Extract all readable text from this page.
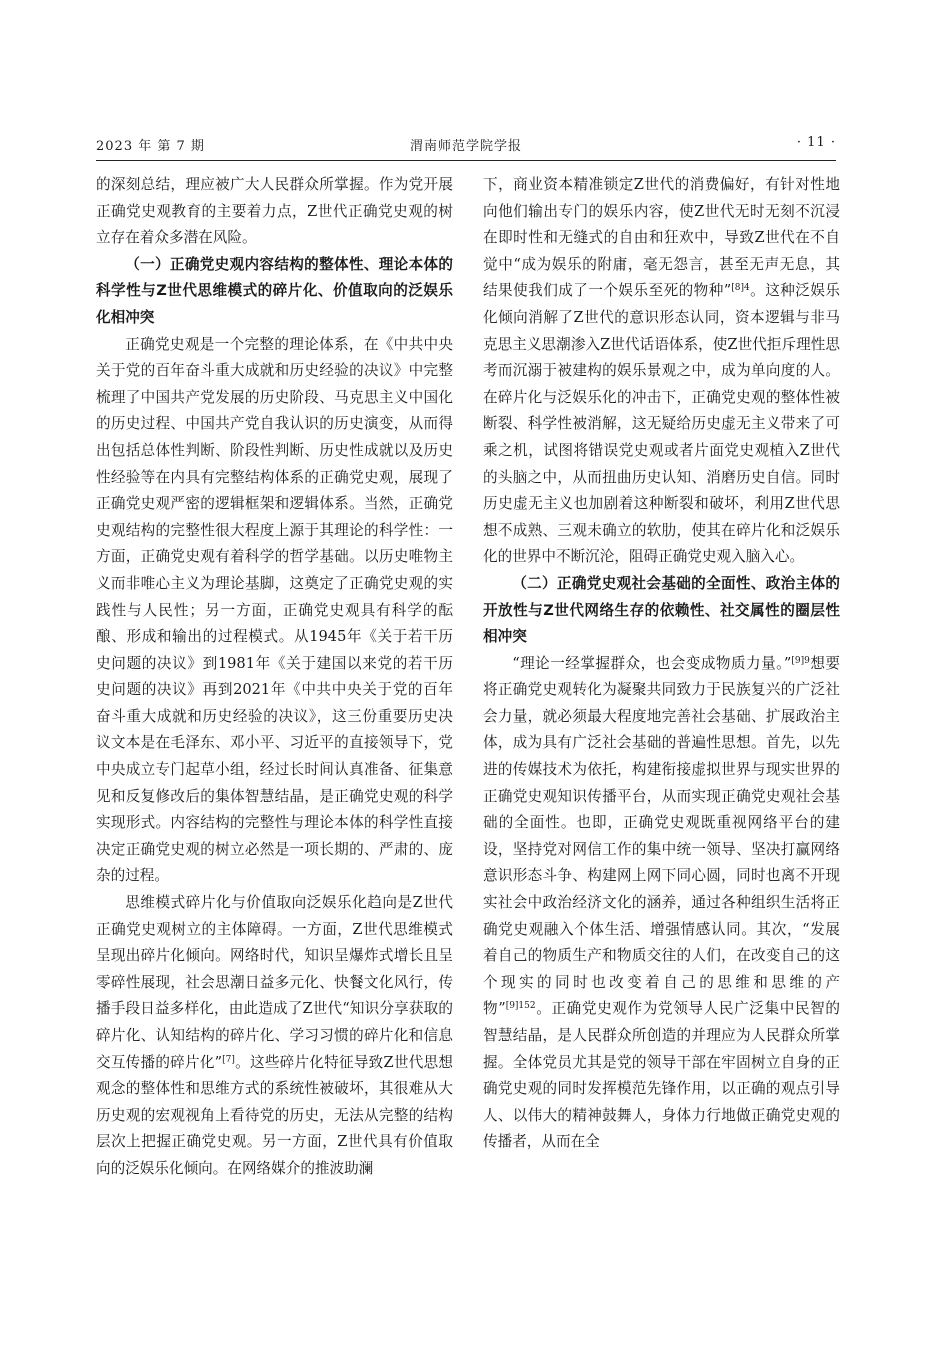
渭南师范学院学报
2023 年 第 7 期	· 11 ·

的深刻总结，理应被广大人民群众所掌握。作为党开展正确党史观教育的主要着力点，Z世代正确党史观的树立存在着众多潜在风险。

（一）正确党史观内容结构的整体性、理论本体的科学性与Z世代思维模式的碎片化、价值取向的泛娱乐化相冲突

正确党史观是一个完整的理论体系，在《中共中央关于党的百年奋斗重大成就和历史经验的决议》中完整梳理了中国共产党发展的历史阶段、马克思主义中国化的历史过程、中国共产党自我认识的历史演变，从而得出包括总体性判断、阶段性判断、历史性成就以及历史性经验等在内具有完整结构体系的正确党史观，展现了正确党史观严密的逻辑框架和逻辑体系。当然，正确党史观结构的完整性很大程度上源于其理论的科学性：一方面，正确党史观有着科学的哲学基础。以历史唯物主义而非唯心主义为理论基脚，这奠定了正确党史观的实践性与人民性；另一方面，正确党史观具有科学的酝酿、形成和输出的过程模式。从1945年《关于若干历史问题的决议》到1981年《关于建国以来党的若干历史问题的决议》再到2021年《中共中央关于党的百年奋斗重大成就和历史经验的决议》，这三份重要历史决议文本是在毛泽东、邓小平、习近平的直接领导下，党中央成立专门起草小组，经过长时间认真准备、征集意见和反复修改后的集体智慧结晶，是正确党史观的科学实现形式。内容结构的完整性与理论本体的科学性直接决定正确党史观的树立必然是一项长期的、严肃的、庞杂的过程。

思维模式碎片化与价值取向泛娱乐化趋向是Z世代正确党史观树立的主体障碍。一方面，Z世代思维模式呈现出碎片化倾向。网络时代，知识呈爆炸式增长且呈零碎性展现，社会思潮日益多元化、快餐文化风行，传播手段日益多样化，由此造成了Z世代“知识分享获取的碎片化、认知结构的碎片化、学习习惯的碎片化和信息交互传播的碎片化”[7]。这些碎片化特征导致Z世代思想观念的整体性和思维方式的系统性被破坏，其很难从大历史观的宏观视角上看待党的历史，无法从完整的结构层次上把握正确党史观。另一方面，Z世代具有价值取向的泛娱乐化倾向。在网络媒介的推波助澜

下，商业资本精准锁定Z世代的消费偏好，有针对性地向他们输出专门的娱乐内容，使Z世代无时无刻不沉浸在即时性和无缝式的自由和狂欢中，导致Z世代在不自觉中“成为娱乐的附庸，毫无怨言，甚至无声无息，其结果使我们成了一个娱乐至死的物种”$^{[8]4}$。这种泛娱乐化倾向消解了Z世代的意识形态认同，资本逻辑与非马克思主义思潮渗入Z世代话语体系，使Z世代拒斥理性思考而沉溺于被建构的娱乐景观之中，成为单向度的人。在碎片化与泛娱乐化的冲击下，正确党史观的整体性被断裂、科学性被消解，这无疑给历史虚无主义带来了可乘之机，试图将错误党史观或者片面党史观植入Z世代的头脑之中，从而扭曲历史认知、消磨历史自信。同时历史虚无主义也加剧着这种断裂和破坏，利用Z世代思想不成熟、三观未确立的软肋，使其在碎片化和泛娱乐化的世界中不断沉沦，阻碍正确党史观入脑入心。

（二）正确党史观社会基础的全面性、政治主体的开放性与Z世代网络生存的依赖性、社交属性的圈层性相冲突

“理论一经掌握群众，也会变成物质力量。”$^{[9]9}$想要将正确党史观转化为凝聚共同致力于民族复兴的广泛社会力量，就必须最大程度地完善社会基础、扩展政治主体，成为具有广泛社会基础的普遍性思想。首先，以先进的传媒技术为依托，构建衔接虚拟世界与现实世界的正确党史观知识传播平台，从而实现正确党史观社会基础的全面性。也即，正确党史观既重视网络平台的建设，坚持党对网信工作的集中统一领导、坚决打赢网络意识形态斗争、构建网上网下同心圆，同时也离不开现实社会中政治经济文化的涵养，通过各种组织生活将正确党史观融入个体生活、增强情感认同。其次，“发展着自己的物质生产和物质交往的人们，在改变自己的这个现实的同时也改变着自己的思维和思维的产物”$^{[9]152}$。正确党史观作为党领导人民广泛集中民智的智慧结晶，是人民群众所创造的并理应为人民群众所掌握。全体党员尤其是党的领导干部在牢固树立自身的正确党史观的同时发挥模范先锋作用，以正确的观点引导人、以伟大的精神鼓舞人，身体力行地做正确党史观的传播者，从而在全
